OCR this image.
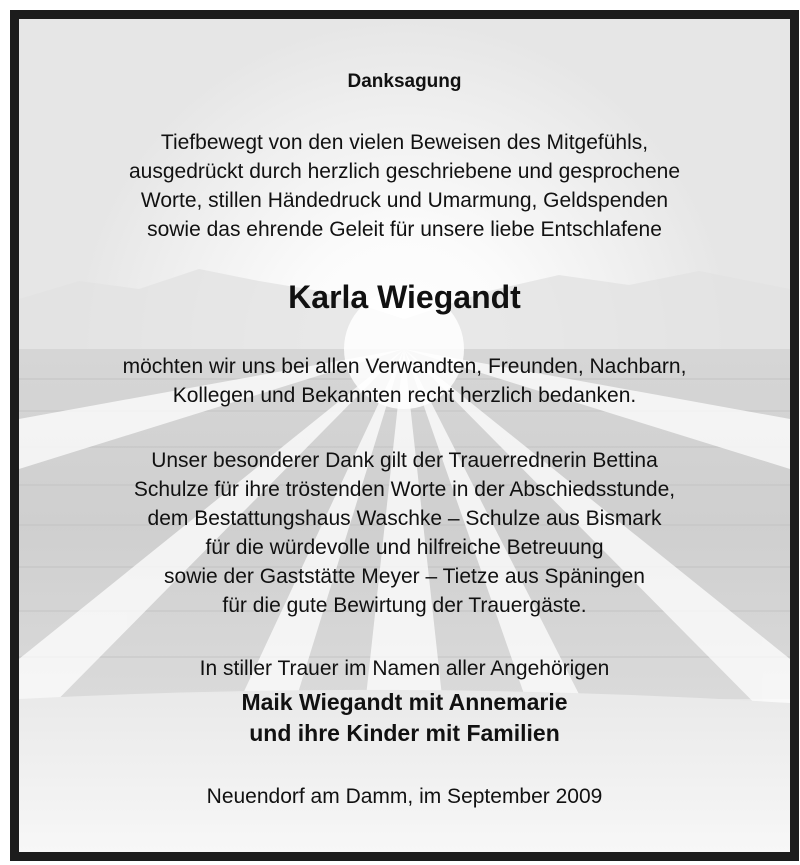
Danksagung
Tiefbewegt von den vielen Beweisen des Mitgefühls,
ausgedrückt durch herzlich geschriebene und gesprochene
Worte, stillen Händedruck und Umarmung, Geldspenden
sowie das ehrende Geleit für unsere liebe Entschlafene
Karla Wiegandt
möchten wir uns bei allen Verwandten, Freunden, Nachbarn,
Kollegen und Bekannten recht herzlich bedanken.
Unser besonderer Dank gilt der Trauerrednerin Bettina
Schulze für ihre tröstenden Worte in der Abschiedsstunde,
dem Bestattungshaus Waschke – Schulze aus Bismark
für die würdevolle und hilfreiche Betreuung
sowie der Gaststätte Meyer – Tietze aus Späningen
für die gute Bewirtung der Trauergäste.
In stiller Trauer im Namen aller Angehörigen
Maik Wiegandt mit Annemarie
und ihre Kinder mit Familien
Neuendorf am Damm, im September 2009
